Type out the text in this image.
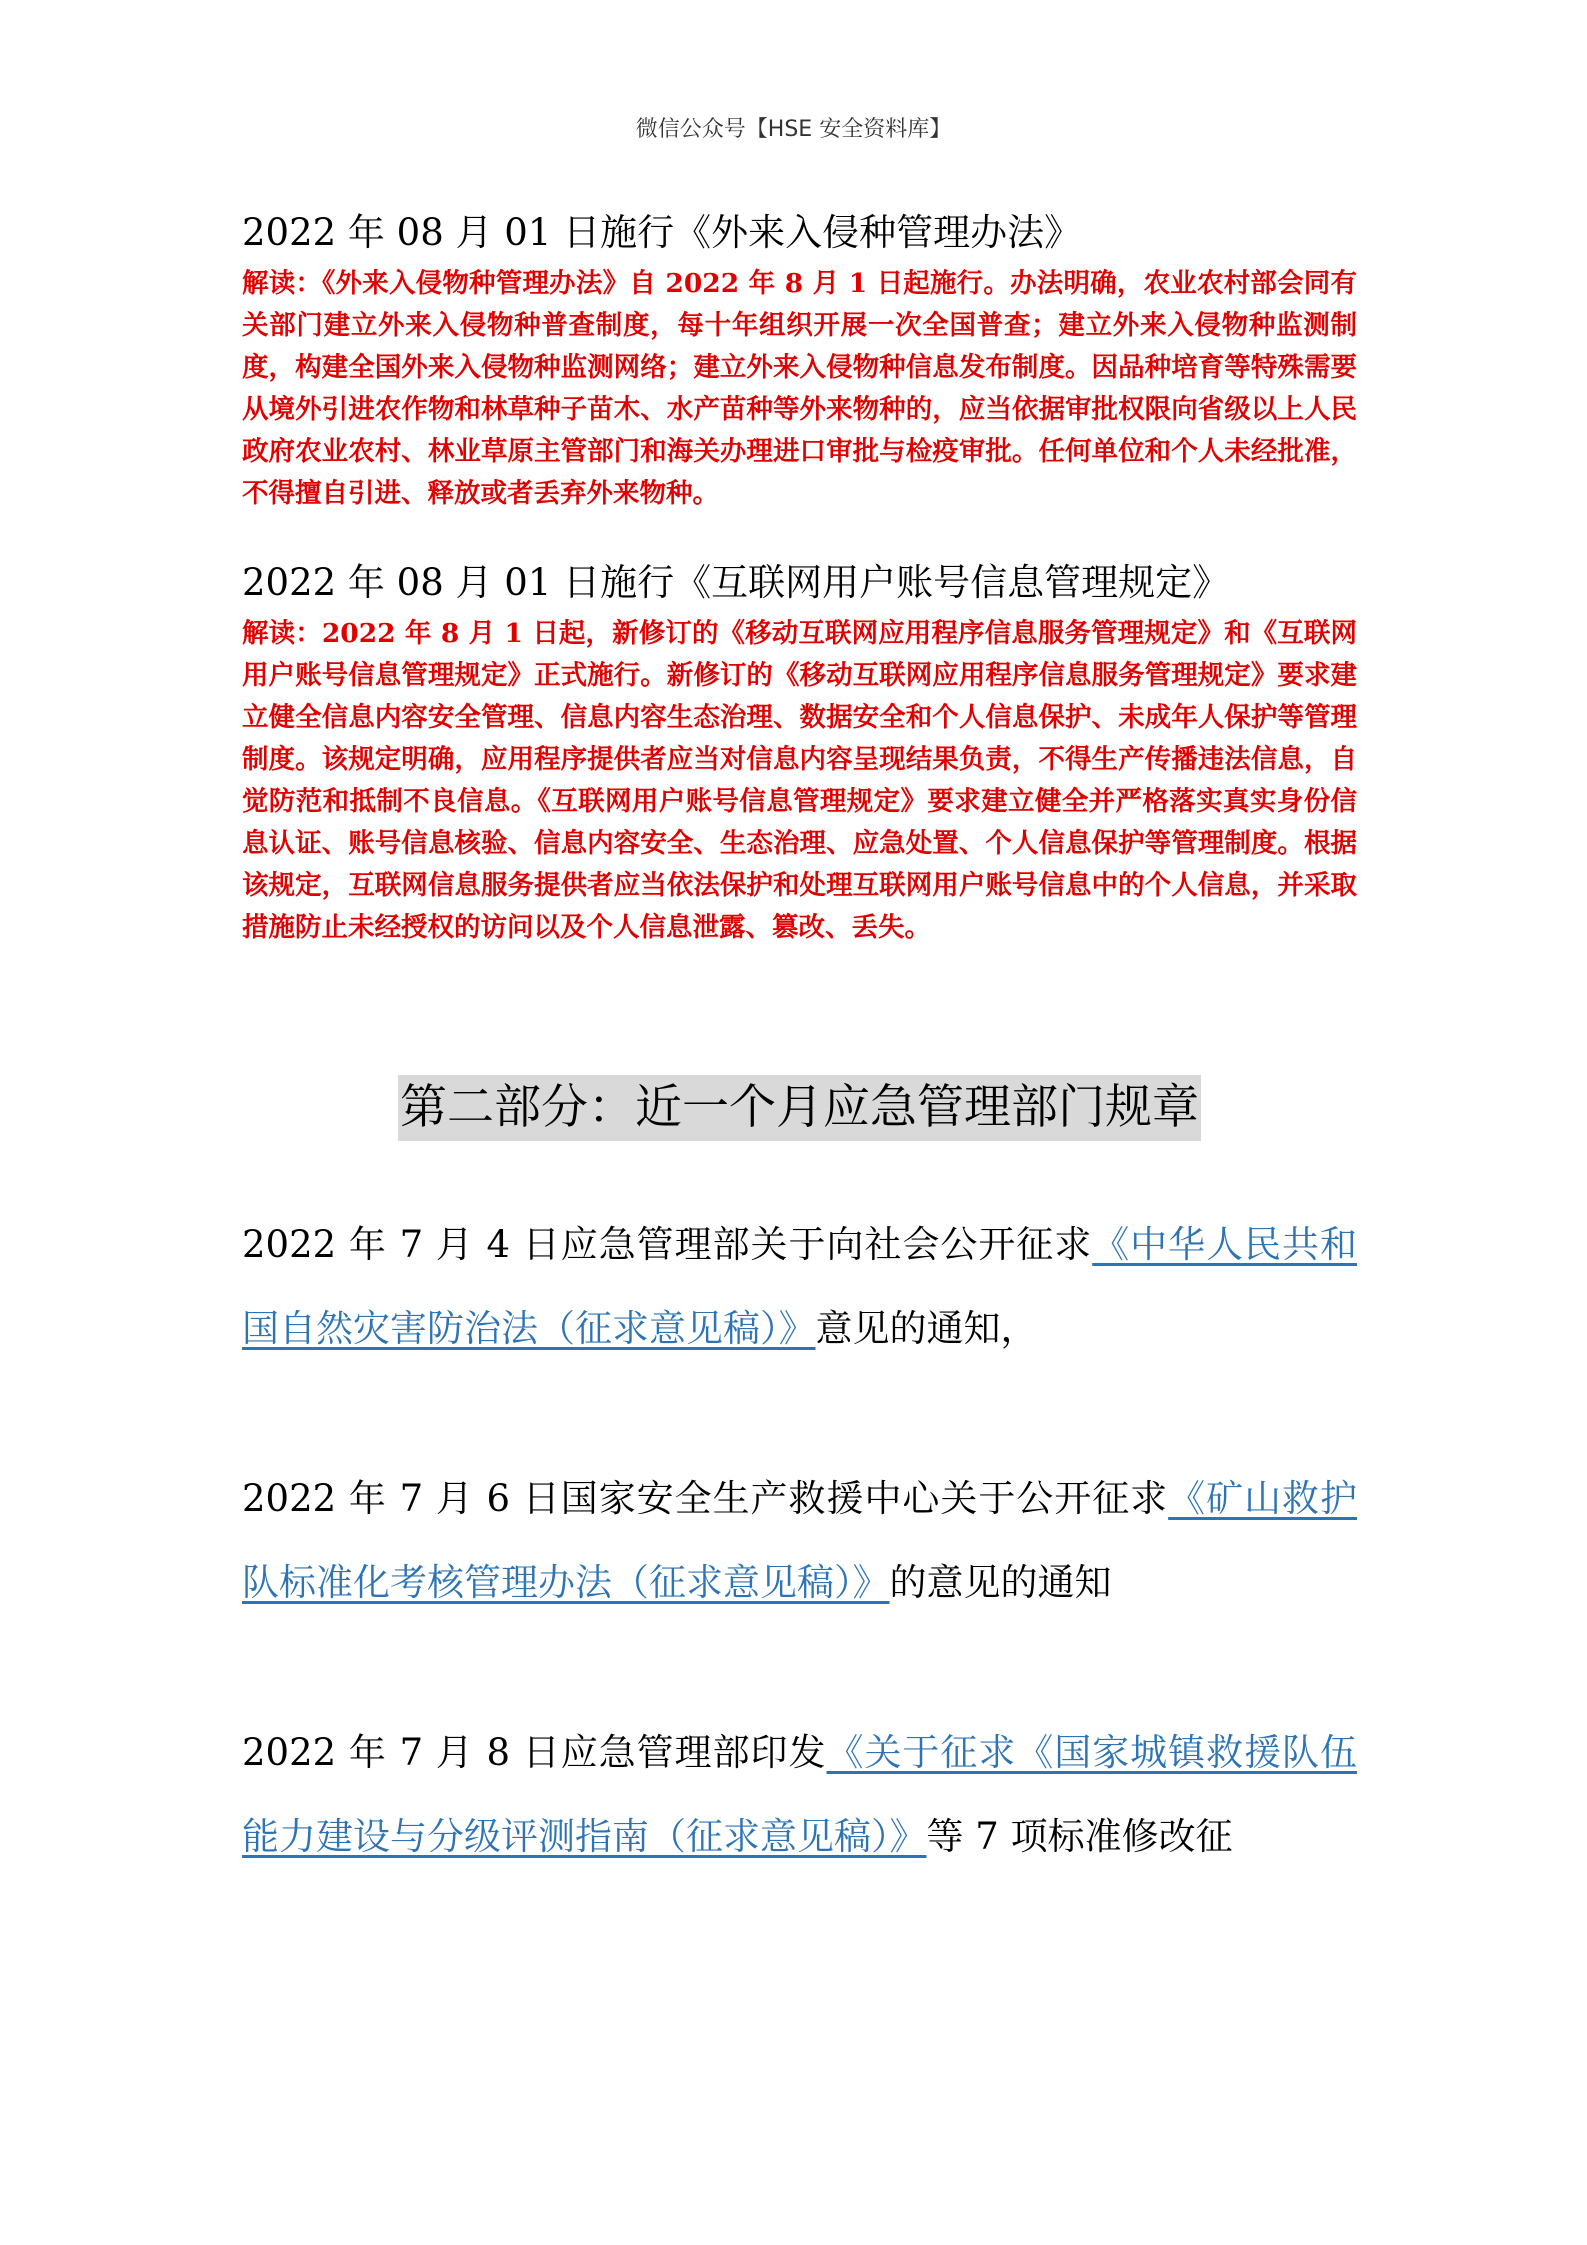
微信公众号【HSE 安全资料库】

2022 年 08 月 01 日施行《外来入侵种管理办法》

解读：《外来入侵物种管理办法》自 2022 年 8 月 1 日起施行。办法明确，农业农村部会同有关部门建立外来入侵物种普查制度，每十年组织开展一次全国普查；建立外来入侵物种监测制度，构建全国外来入侵物种监测网络；建立外来入侵物种信息发布制度。因品种培育等特殊需要从境外引进农作物和林草种子苗木、水产苗种等外来物种的，应当依据审批权限向省级以上人民政府农业农村、林业草原主管部门和海关办理进口审批与检疫审批。任何单位和个人未经批准，不得擅自引进、释放或者丢弃外来物种。

2022 年 08 月 01 日施行《互联网用户账号信息管理规定》

解读：2022 年 8 月 1 日起，新修订的《移动互联网应用程序信息服务管理规定》和《互联网用户账号信息管理规定》正式施行。新修订的《移动互联网应用程序信息服务管理规定》要求建立健全信息内容安全管理、信息内容生态治理、数据安全和个人信息保护、未成年人保护等管理制度。该规定明确，应用程序提供者应当对信息内容呈现结果负责，不得生产传播违法信息，自觉防范和抵制不良信息。《互联网用户账号信息管理规定》要求建立健全并严格落实真实身份信息认证、账号信息核验、信息内容安全、生态治理、应急处置、个人信息保护等管理制度。根据该规定，互联网信息服务提供者应当依法保护和处理互联网用户账号信息中的个人信息，并采取措施防止未经授权的访问以及个人信息泄露、篡改、丢失。

第二部分：近一个月应急管理部门规章

2022 年 7 月 4 日应急管理部关于向社会公开征求《中华人民共和国自然灾害防治法（征求意见稿）》意见的通知，

2022 年 7 月 6 日国家安全生产救援中心关于公开征求《矿山救护队标准化考核管理办法（征求意见稿）》的意见的通知

2022 年 7 月 8 日应急管理部印发《关于征求《国家城镇救援队伍能力建设与分级评测指南（征求意见稿）》等 7 项标准修改征
